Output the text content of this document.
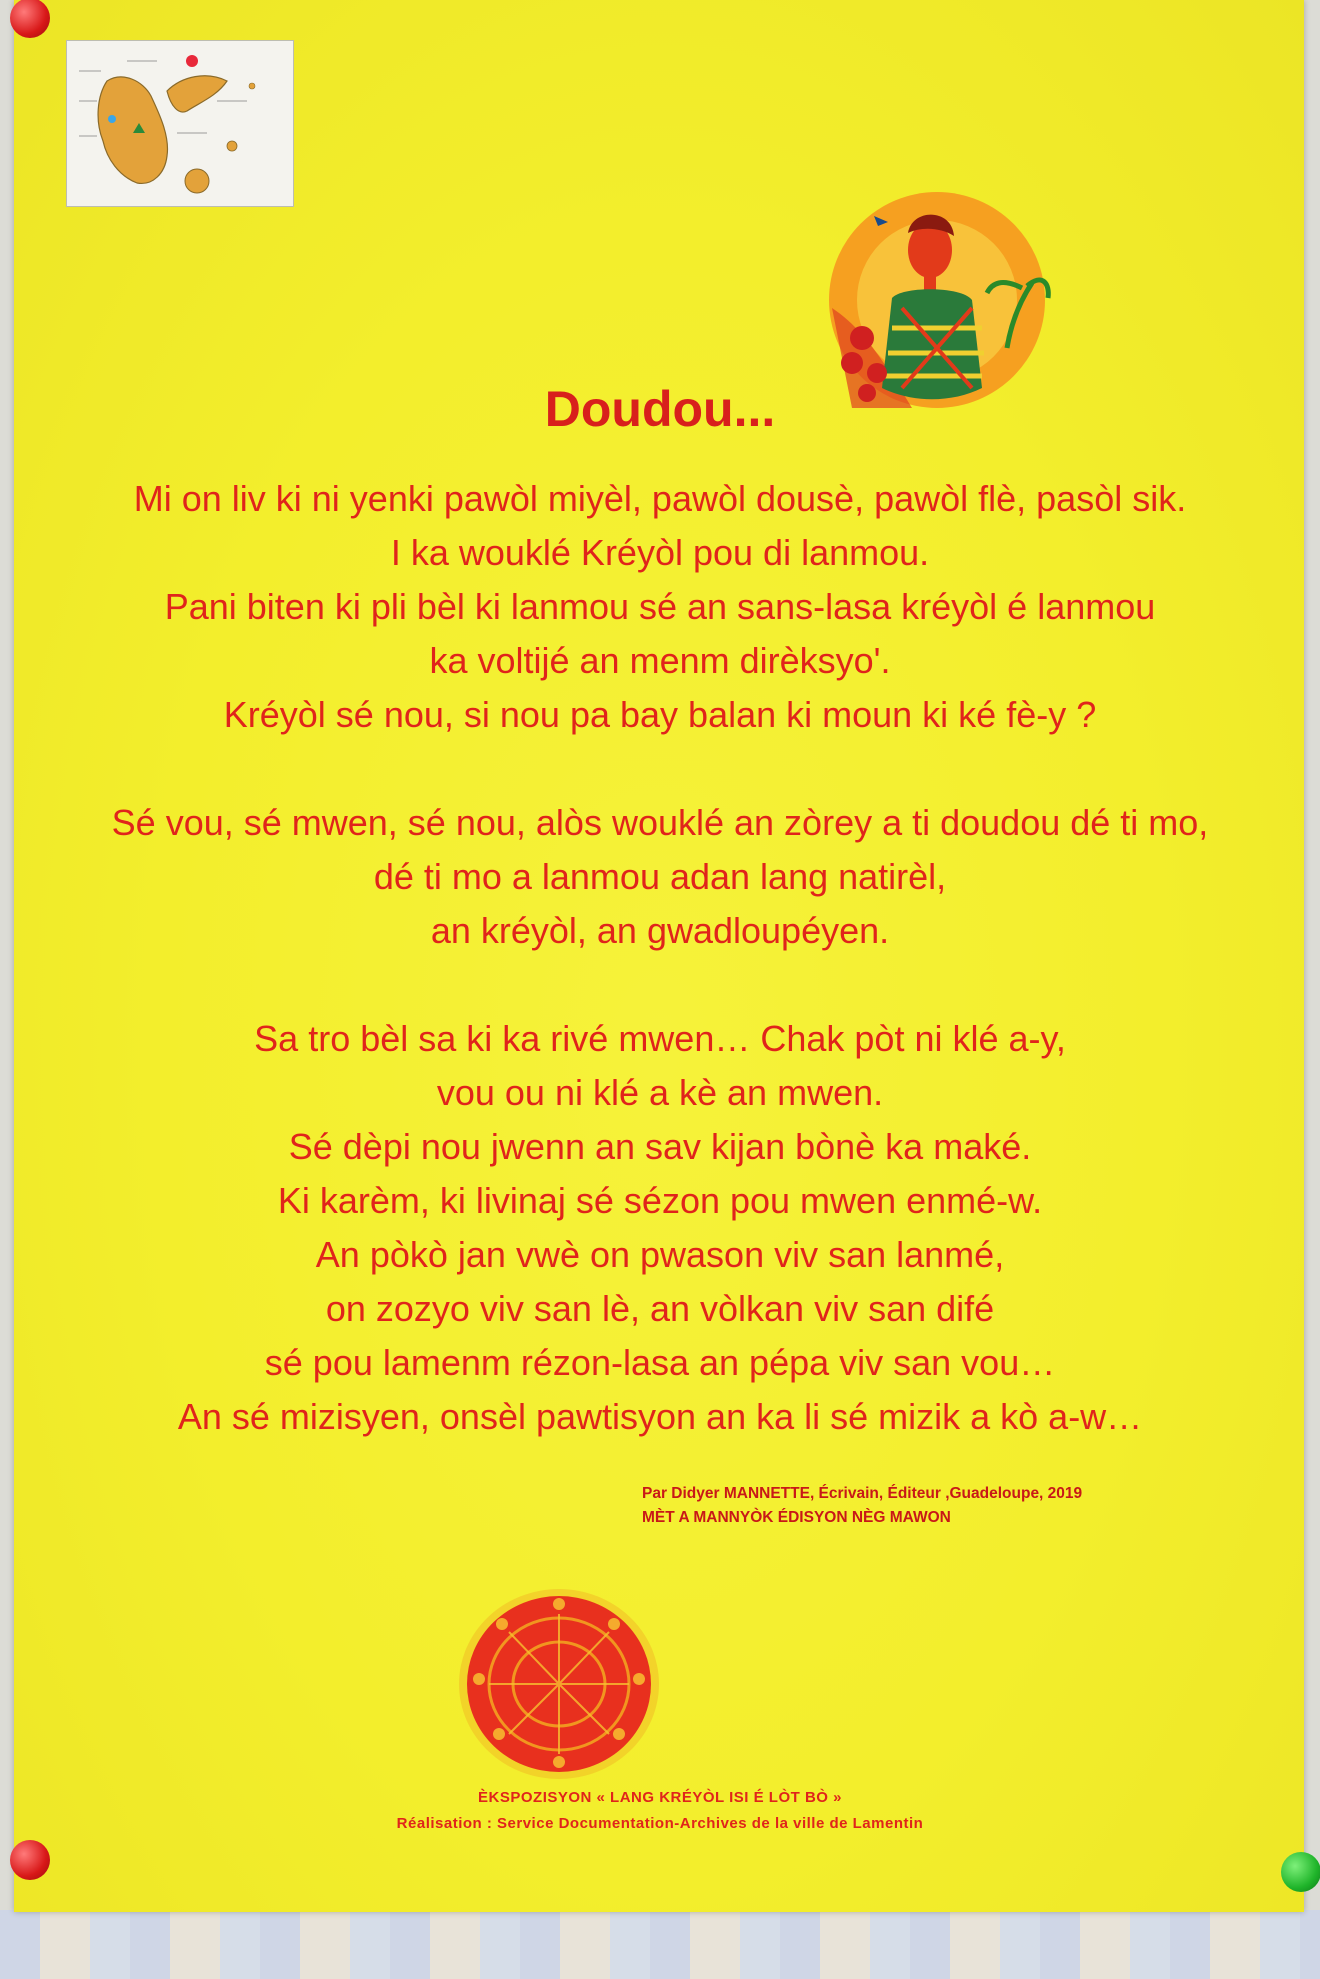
Doudou...
Mi on liv ki ni yenki pawòl miyèl, pawòl dousè, pawòl flè, pasòl sik.
I ka wouklé Kréyòl pou di lanmou.
Pani biten ki pli bèl ki lanmou sé an sans-lasa kréyòl é lanmou
ka voltijé an menm dirèksyo'.
Kréyòl sé nou, si nou pa bay balan ki moun ki ké fè-y ?
Sé vou, sé mwen, sé nou, alòs wouklé an zòrey a ti doudou dé ti mo,
dé ti mo a lanmou adan lang natirèl,
an kréyòl, an gwadloupéyen.
Sa tro bèl sa ki ka rivé mwen… Chak pòt ni klé a-y,
vou ou ni klé a kè an mwen.
Sé dèpi nou jwenn an sav kijan bònè ka maké.
Ki karèm, ki livinaj sé sézon pou mwen enmé-w.
An pòkò jan vwè on pwason viv san lanmé,
on zozyo viv san lè, an vòlkan viv san difé
sé pou lamenm rézon-lasa an pépa viv san vou…
An sé mizisyen, onsèl pawtisyon an ka li sé mizik a kò a-w…
Par Didyer MANNETTE, Écrivain, Éditeur ,Guadeloupe, 2019
MÈT A MANNYÒK ÉDISYON NÈG MAWON
ÈKSPOZISYON « LANG KRÉYÒL ISI É LÒT BÒ »
Réalisation : Service Documentation-Archives de la ville de Lamentin
